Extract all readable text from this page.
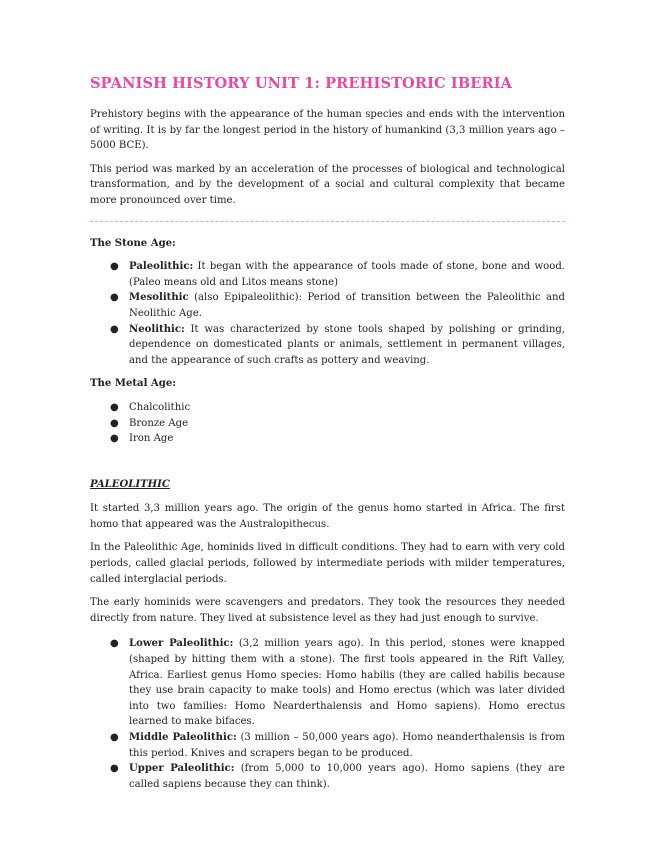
SPANISH HISTORY UNIT 1: PREHISTORIC IBERIA

Prehistory begins with the appearance of the human species and ends with the intervention of writing. It is by far the longest period in the history of humankind (3,3 million years ago – 5000 BCE).

This period was marked by an acceleration of the processes of biological and technological transformation, and by the development of a social and cultural complexity that became more pronounced over time.

The Stone Age:
● Paleolithic: It began with the appearance of tools made of stone, bone and wood. (Paleo means old and Litos means stone)
● Mesolithic (also Epipaleolithic): Period of transition between the Paleolithic and Neolithic Age.
● Neolithic: It was characterized by stone tools shaped by polishing or grinding, dependence on domesticated plants or animals, settlement in permanent villages, and the appearance of such crafts as pottery and weaving.
The Metal Age:
● Chalcolithic
● Bronze Age
● Iron Age
PALEOLITHIC

It started 3,3 million years ago. The origin of the genus homo started in Africa. The first homo that appeared was the Australopithecus.

In the Paleolithic Age, hominids lived in difficult conditions. They had to earn with very cold periods, called glacial periods, followed by intermediate periods with milder temperatures, called interglacial periods.

The early hominids were scavengers and predators. They took the resources they needed directly from nature. They lived at subsistence level as they had just enough to survive.

● Lower Paleolithic: (3,2 million years ago). In this period, stones were knapped (shaped by hitting them with a stone). The first tools appeared in the Rift Valley, Africa. Earliest genus Homo species: Homo habilis (they are called habilis because they use brain capacity to make tools) and Homo erectus (which was later divided into two families: Homo Nearderthalensis and Homo sapiens). Homo erectus learned to make bifaces.
● Middle Paleolithic: (3 million – 50,000 years ago). Homo neanderthalensis is from this period. Knives and scrapers began to be produced.
● Upper Paleolithic: (from 5,000 to 10,000 years ago). Homo sapiens (they are called sapiens because they can think).
